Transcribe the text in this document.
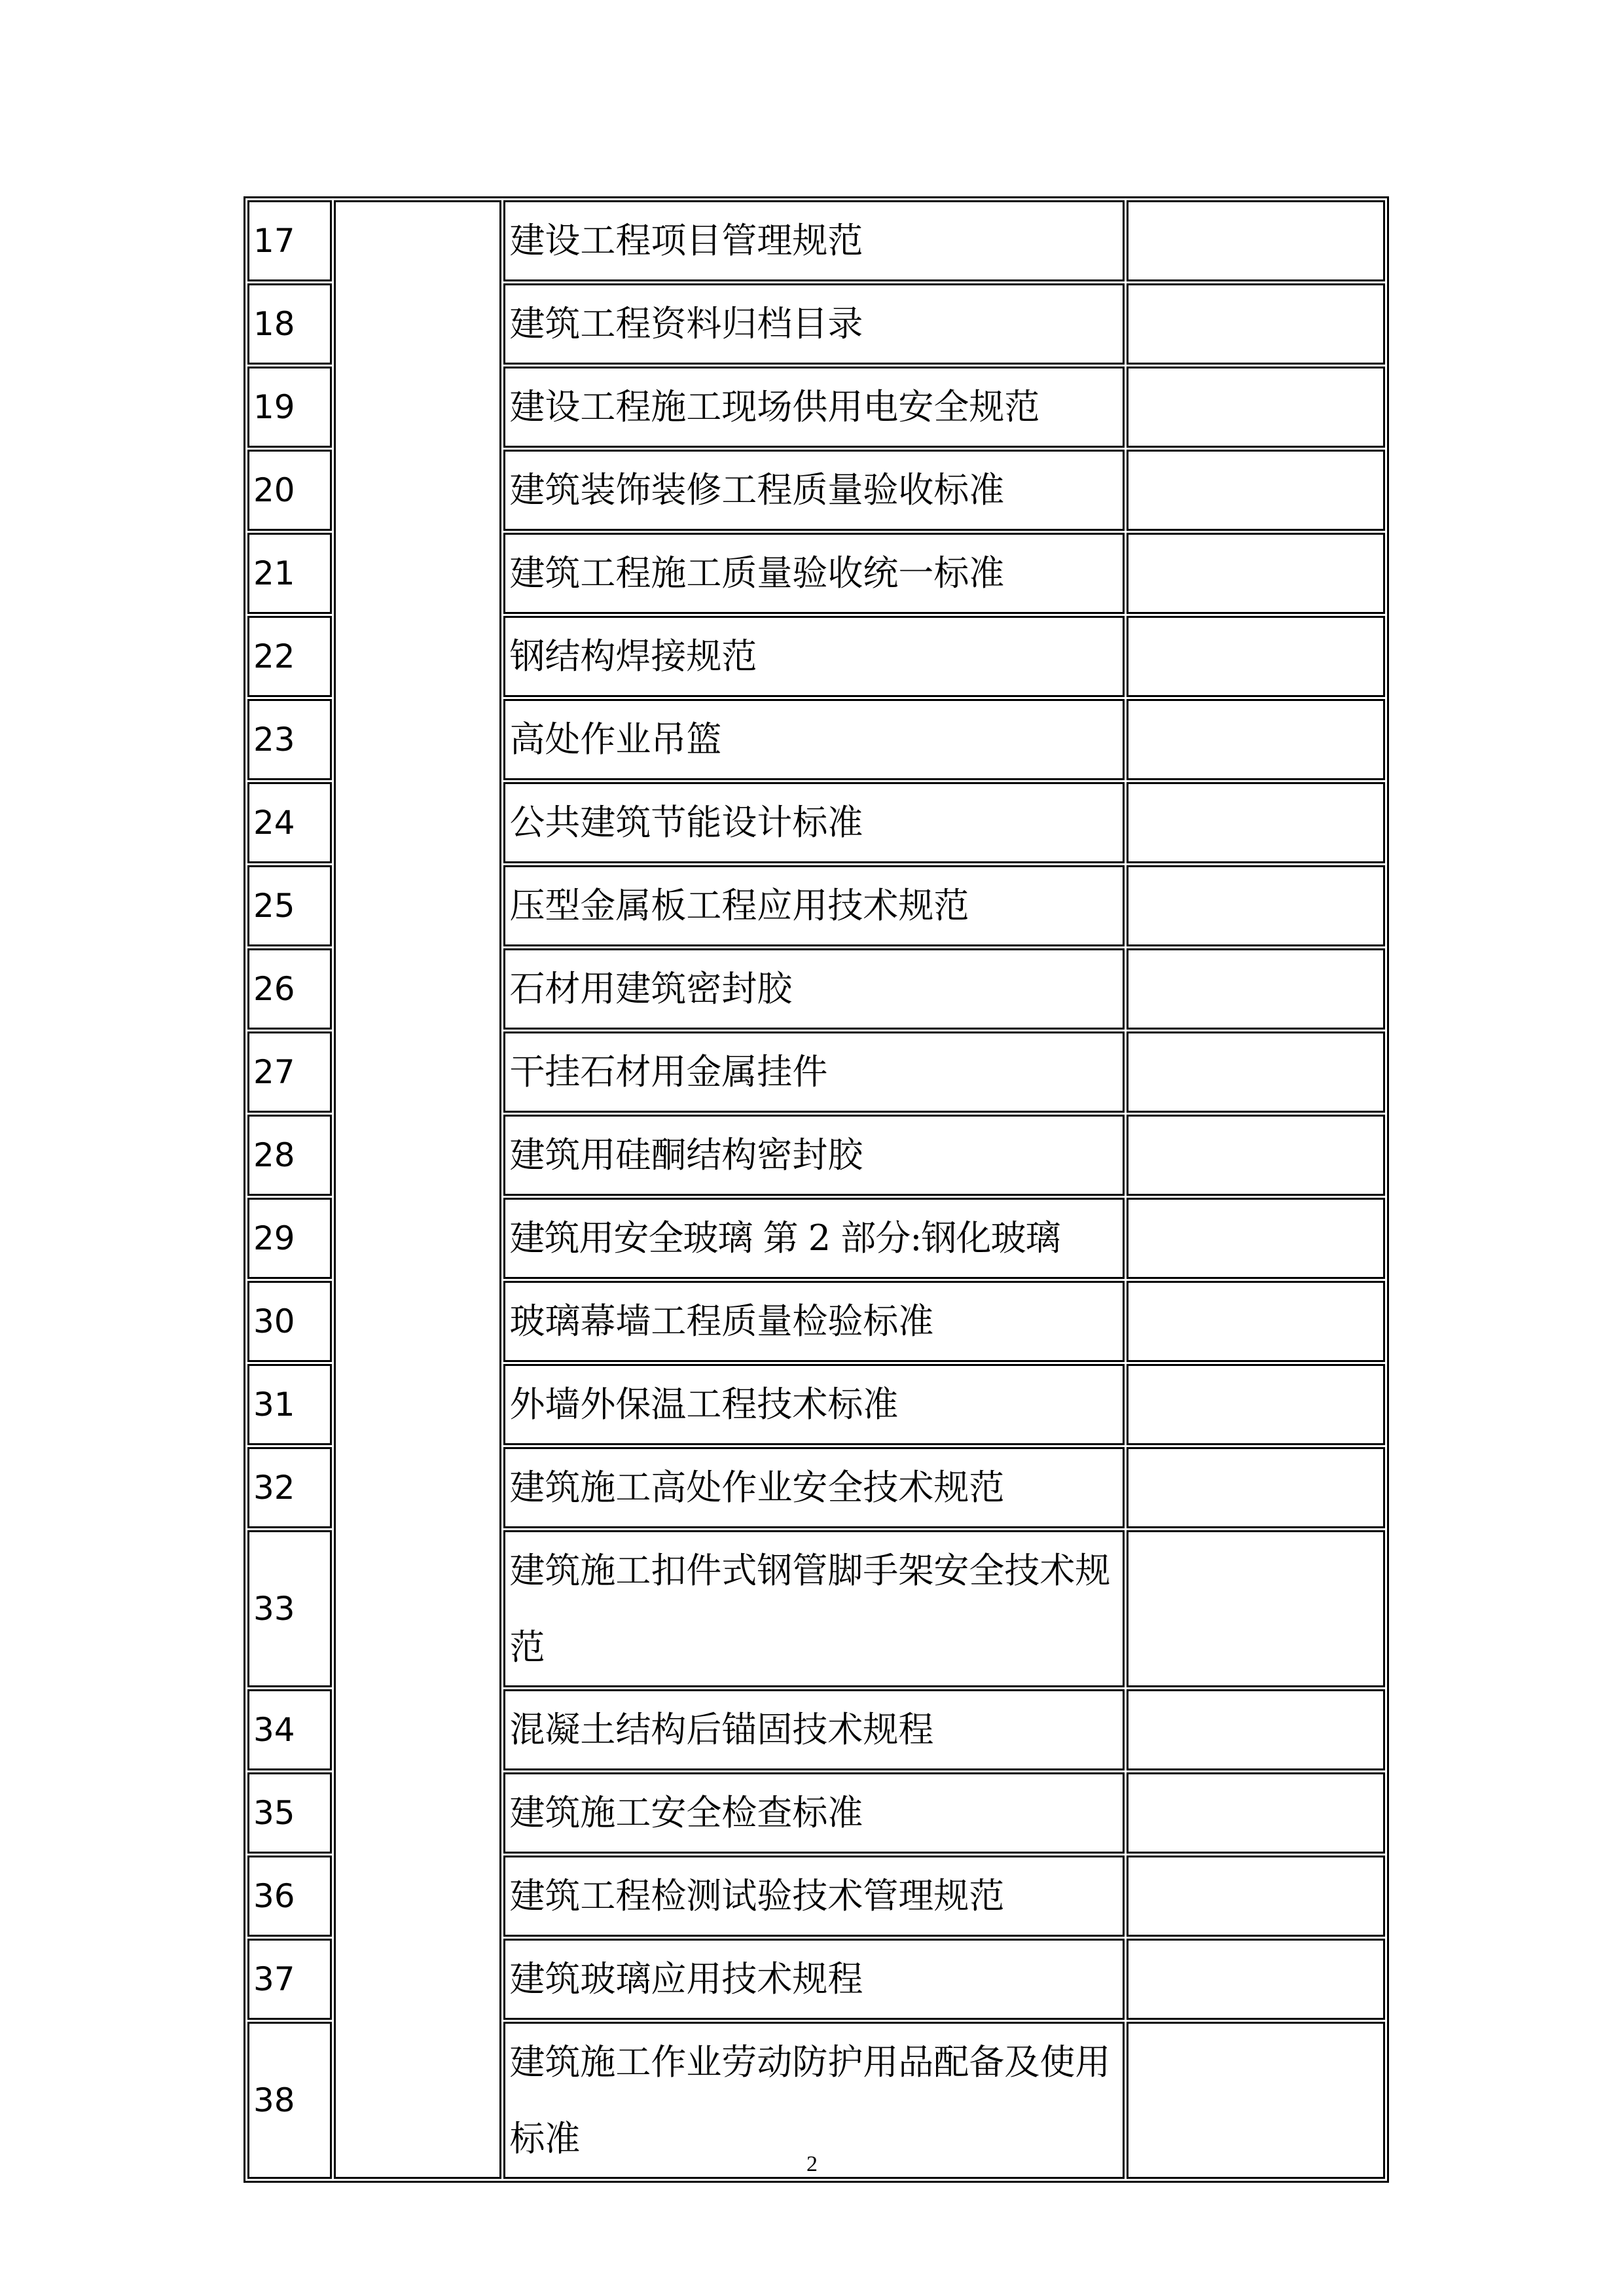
17		建设工程项目管理规范	
18		建筑工程资料归档目录	
19		建设工程施工现场供用电安全规范	
20		建筑装饰装修工程质量验收标准	
21		建筑工程施工质量验收统一标准	
22		钢结构焊接规范	
23		高处作业吊篮	
24		公共建筑节能设计标准	
25		压型金属板工程应用技术规范	
26		石材用建筑密封胶	
27		干挂石材用金属挂件	
28		建筑用硅酮结构密封胶	
29		建筑用安全玻璃 第 2 部分:钢化玻璃	
30		玻璃幕墙工程质量检验标准	
31		外墙外保温工程技术标准	
32		建筑施工高处作业安全技术规范	
33		建筑施工扣件式钢管脚手架安全技术规范	
34		混凝土结构后锚固技术规程	
35		建筑施工安全检查标准	
36		建筑工程检测试验技术管理规范	
37		建筑玻璃应用技术规程	
38		建筑施工作业劳动防护用品配备及使用标准	
2
